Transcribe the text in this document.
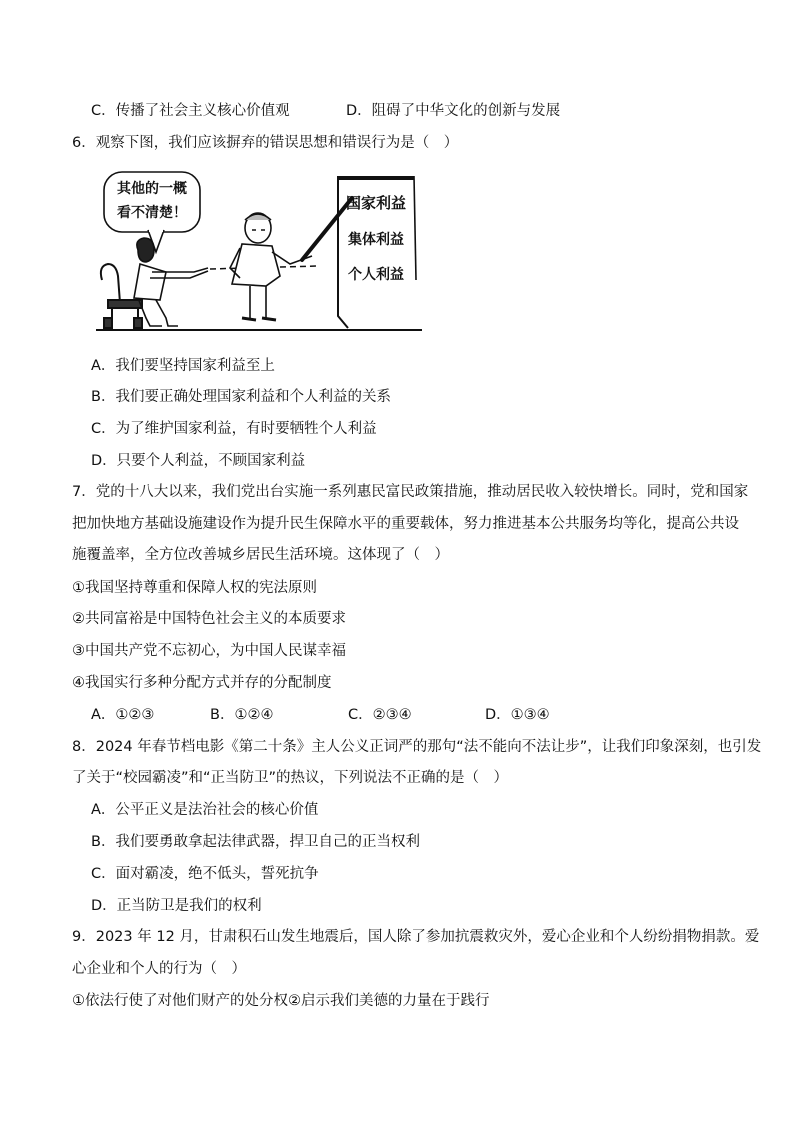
C．传播了社会主义核心价值观	D．阻碍了中华文化的创新与发展
6．观察下图，我们应该摒弃的错误思想和错误行为是（　）
其他的一概
看不清楚！
国家利益
集体利益
个人利益
A．我们要坚持国家利益至上
B．我们要正确处理国家利益和个人利益的关系
C．为了维护国家利益，有时要牺牲个人利益
D．只要个人利益，不顾国家利益
7．党的十八大以来，我们党出台实施一系列惠民富民政策措施，推动居民收入较快增长。同时，党和国家
把加快地方基础设施建设作为提升民生保障水平的重要载体，努力推进基本公共服务均等化，提高公共设
施覆盖率，全方位改善城乡居民生活环境。这体现了（　）
①我国坚持尊重和保障人权的宪法原则
②共同富裕是中国特色社会主义的本质要求
③中国共产党不忘初心，为中国人民谋幸福
④我国实行多种分配方式并存的分配制度
A．①②③	B．①②④	C．②③④	D．①③④
8．2024 年春节档电影《第二十条》主人公义正词严的那句“法不能向不法让步”，让我们印象深刻，也引发
了关于“校园霸凌”和“正当防卫”的热议，下列说法不正确的是（　）
A．公平正义是法治社会的核心价值
B．我们要勇敢拿起法律武器，捍卫自己的正当权利
C．面对霸凌，绝不低头，誓死抗争
D．正当防卫是我们的权利
9．2023 年 12 月，甘肃积石山发生地震后，国人除了参加抗震救灾外，爱心企业和个人纷纷捐物捐款。爱
心企业和个人的行为（　）
①依法行使了对他们财产的处分权②启示我们美德的力量在于践行
